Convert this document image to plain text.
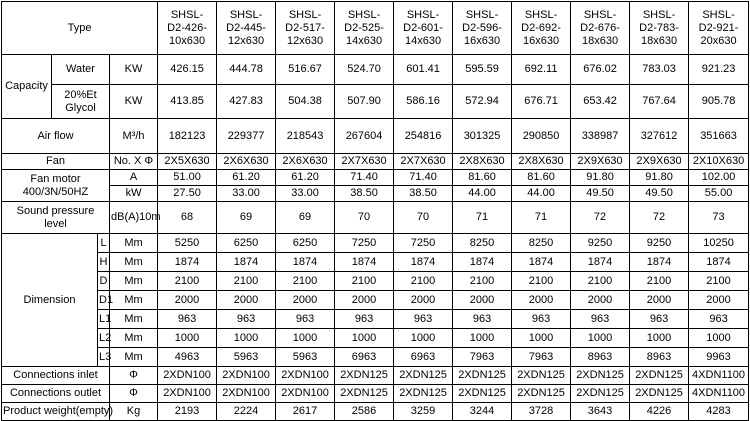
Type				SHSL-
D2-426-
10x630	SHSL-
D2-445-
12x630	SHSL-
D2-517-
12x630	SHSL-
D2-525-
14x630	SHSL-
D2-601-
14x630	SHSL-
D2-596-
16x630	SHSL-
D2-692-
16x630	SHSL-
D2-676-
18x630	SHSL-
D2-783-
18x630	SHSL-
D2-921-
20x630
Capacity	Water		KW	426.15	444.78	516.67	524.70	601.41	595.59	692.11	676.02	783.03	921.23
	20%Et
Glycol		KW	413.85	427.83	504.38	507.90	586.16	572.94	676.71	653.42	767.64	905.78
Air flow			M³/h	182123	229377	218543	267604	254816	301325	290850	338987	327612	351663
Fan			No. X Φ	2X5X630	2X6X630	2X6X630	2X7X630	2X7X630	2X8X630	2X8X630	2X9X630	2X9X630	2X10X630
Fan motor
400/3N/50HZ			A	51.00	61.20	61.20	71.40	71.40	81.60	81.60	91.80	91.80	102.00
			kW	27.50	33.00	33.00	38.50	38.50	44.00	44.00	49.50	49.50	55.00
Sound pressure
level			dB(A)10m	68	69	69	70	70	71	71	72	72	73
Dimension		L	Mm	5250	6250	6250	7250	7250	8250	8250	9250	9250	10250
		H	Mm	1874	1874	1874	1874	1874	1874	1874	1874	1874	1874
		D	Mm	2100	2100	2100	2100	2100	2100	2100	2100	2100	2100
		D1	Mm	2000	2000	2000	2000	2000	2000	2000	2000	2000	2000
		L1	Mm	963	963	963	963	963	963	963	963	963	963
		L2	Mm	1000	1000	1000	1000	1000	1000	1000	1000	1000	1000
		L3	Mm	4963	5963	5963	6963	6963	7963	7963	8963	8963	9963
Connections inlet			Φ	2XDN100	2XDN100	2XDN100	2XDN125	2XDN125	2XDN125	2XDN125	2XDN125	2XDN125	4XDN1100
Connections outlet			Φ	2XDN100	2XDN100	2XDN100	2XDN125	2XDN125	2XDN125	2XDN125	2XDN125	2XDN125	4XDN1100
Product weight(empty)			Kg	2193	2224	2617	2586	3259	3244	3728	3643	4226	4283
